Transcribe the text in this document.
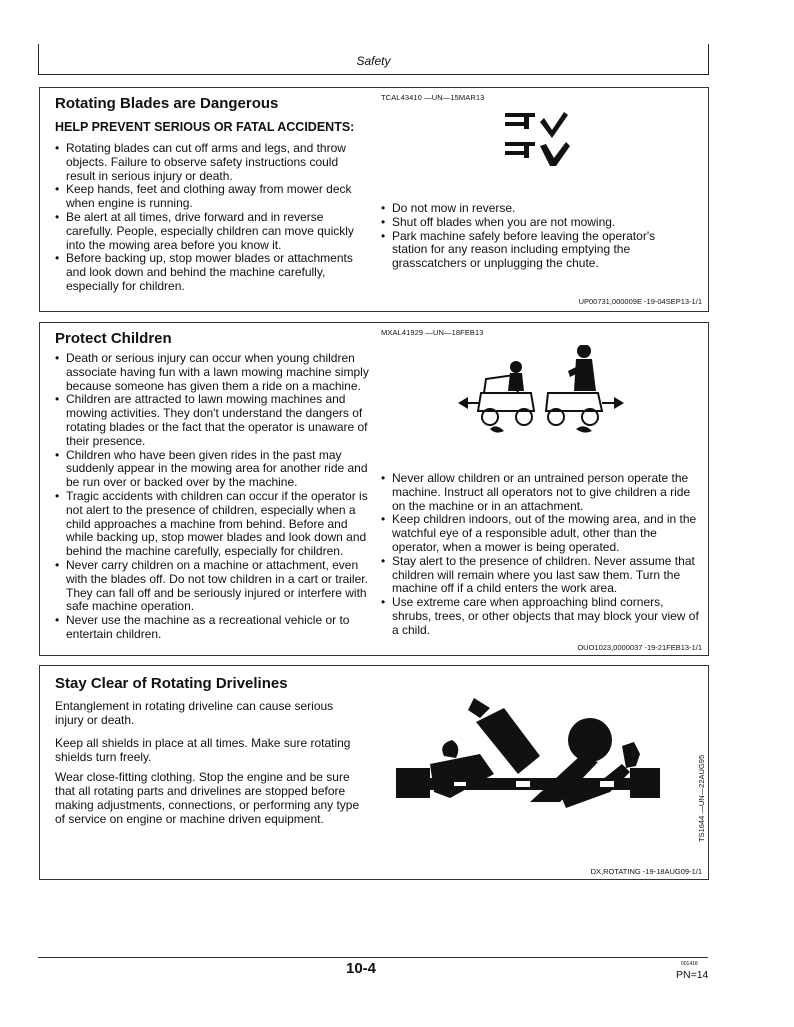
Safety
Rotating Blades are Dangerous
HELP PREVENT SERIOUS OR FATAL ACCIDENTS:
TCAL43410 —UN—15MAR13
• Rotating blades can cut off arms and legs, and throw objects. Failure to observe safety instructions could result in serious injury or death.
• Keep hands, feet and clothing away from mower deck when engine is running.
• Be alert at all times, drive forward and in reverse carefully. People, especially children can move quickly into the mowing area before you know it.
• Before backing up, stop mower blades or attachments and look down and behind the machine carefully, especially for children.
• Do not mow in reverse.
• Shut off blades when you are not mowing.
• Park machine safely before leaving the operator's station for any reason including emptying the grasscatchers or unplugging the chute.
UP00731,000009E -19-04SEP13-1/1
Protect Children	MXAL41929 —UN—18FEB13
• Death or serious injury can occur when young children associate having fun with a lawn mowing machine simply because someone has given them a ride on a machine.
• Children are attracted to lawn mowing machines and mowing activities. They don't understand the dangers of rotating blades or the fact that the operator is unaware of their presence.
• Children who have been given rides in the past may suddenly appear in the mowing area for another ride and be run over or backed over by the machine.
• Tragic accidents with children can occur if the operator is not alert to the presence of children, especially when a child approaches a machine from behind. Before and while backing up, stop mower blades and look down and behind the machine carefully, especially for children.
• Never carry children on a machine or attachment, even with the blades off. Do not tow children in a cart or trailer. They can fall off and be seriously injured or interfere with safe machine operation.
• Never use the machine as a recreational vehicle or to entertain children.
• Never allow children or an untrained person operate the machine. Instruct all operators not to give children a ride on the machine or in an attachment.
• Keep children indoors, out of the mowing area, and in the watchful eye of a responsible adult, other than the operator, when a mower is being operated.
• Stay alert to the presence of children. Never assume that children will remain where you last saw them. Turn the machine off if a child enters the work area.
• Use extreme care when approaching blind corners, shrubs, trees, or other objects that may block your view of a child.
OUO1023,0000037 -19-21FEB13-1/1
Stay Clear of Rotating Drivelines

Entanglement in rotating driveline can cause serious injury or death.

Keep all shields in place at all times. Make sure rotating shields turn freely.

Wear close-fitting clothing. Stop the engine and be sure that all rotating parts and drivelines are stopped before making adjustments, connections, or performing any type of service on engine or machine driven equipment.	TS1644 —UN—22AUG95
DX,ROTATING -19-18AUG09-1/1
10-4	001418
PN=14
